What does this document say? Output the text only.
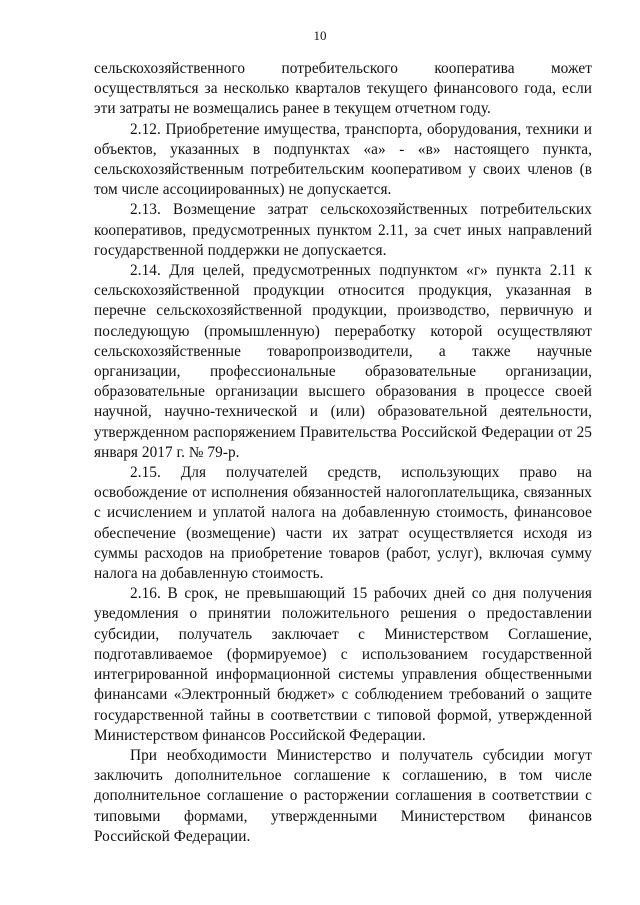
10

сельскохозяйственного потребительского кооператива может осуществляться за несколько кварталов текущего финансового года, если эти затраты не возмещались ранее в текущем отчетном году.

2.12. Приобретение имущества, транспорта, оборудования, техники и объектов, указанных в подпунктах «а» - «в» настоящего пункта, сельскохозяйственным потребительским кооперативом у своих членов (в том числе ассоциированных) не допускается.

2.13. Возмещение затрат сельскохозяйственных потребительских кооперативов, предусмотренных пунктом 2.11, за счет иных направлений государственной поддержки не допускается.

2.14. Для целей, предусмотренных подпунктом «г» пункта 2.11 к сельскохозяйственной продукции относится продукция, указанная в перечне сельскохозяйственной продукции, производство, первичную и последующую (промышленную) переработку которой осуществляют сельскохозяйственные товаропроизводители, а также научные организации, профессиональные образовательные организации, образовательные организации высшего образования в процессе своей научной, научно-технической и (или) образовательной деятельности, утвержденном распоряжением Правительства Российской Федерации от 25 января 2017 г. № 79-р.

2.15. Для получателей средств, использующих право на освобождение от исполнения обязанностей налогоплательщика, связанных с исчислением и уплатой налога на добавленную стоимость, финансовое обеспечение (возмещение) части их затрат осуществляется исходя из суммы расходов на приобретение товаров (работ, услуг), включая сумму налога на добавленную стоимость.

2.16. В срок, не превышающий 15 рабочих дней со дня получения уведомления о принятии положительного решения о предоставлении субсидии, получатель заключает с Министерством Соглашение, подготавливаемое (формируемое) с использованием государственной интегрированной информационной системы управления общественными финансами «Электронный бюджет» с соблюдением требований о защите государственной тайны в соответствии с типовой формой, утвержденной Министерством финансов Российской Федерации.

При необходимости Министерство и получатель субсидии могут заключить дополнительное соглашение к соглашению, в том числе дополнительное соглашение о расторжении соглашения в соответствии с типовыми формами, утвержденными Министерством финансов Российской Федерации.
